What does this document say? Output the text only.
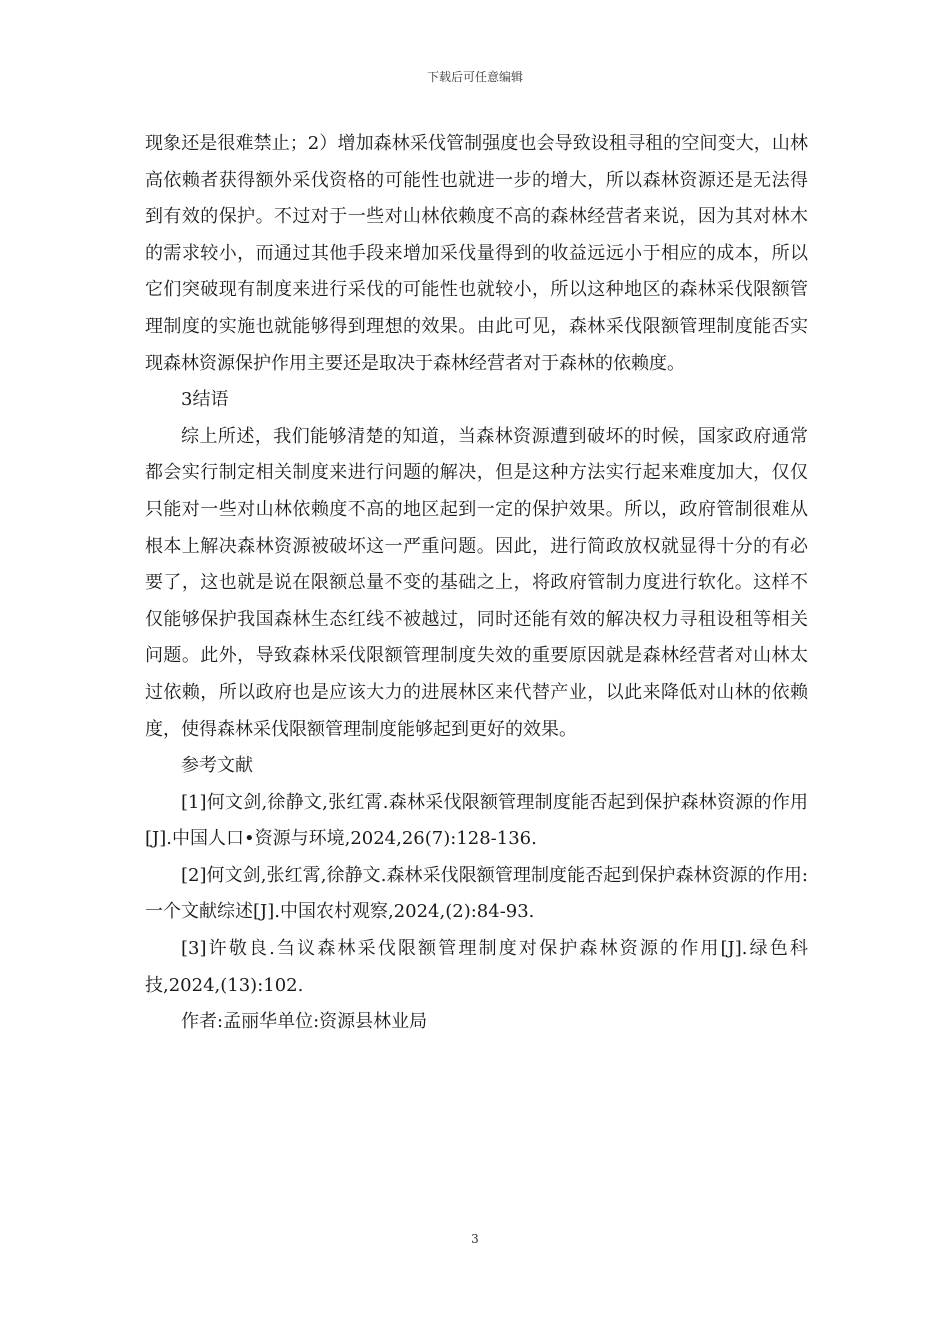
下载后可任意编辑

现象还是很难禁止；2）增加森林采伐管制强度也会导致设租寻租的空间变大，山林高依赖者获得额外采伐资格的可能性也就进一步的增大，所以森林资源还是无法得到有效的保护。不过对于一些对山林依赖度不高的森林经营者来说，因为其对林木的需求较小，而通过其他手段来增加采伐量得到的收益远远小于相应的成本，所以它们突破现有制度来进行采伐的可能性也就较小，所以这种地区的森林采伐限额管理制度的实施也就能够得到理想的效果。由此可见，森林采伐限额管理制度能否实现森林资源保护作用主要还是取决于森林经营者对于森林的依赖度。

3结语

综上所述，我们能够清楚的知道，当森林资源遭到破坏的时候，国家政府通常都会实行制定相关制度来进行问题的解决，但是这种方法实行起来难度加大，仅仅只能对一些对山林依赖度不高的地区起到一定的保护效果。所以，政府管制很难从根本上解决森林资源被破坏这一严重问题。因此，进行简政放权就显得十分的有必要了，这也就是说在限额总量不变的基础之上，将政府管制力度进行软化。这样不仅能够保护我国森林生态红线不被越过，同时还能有效的解决权力寻租设租等相关问题。此外，导致森林采伐限额管理制度失效的重要原因就是森林经营者对山林太过依赖，所以政府也是应该大力的进展林区来代替产业，以此来降低对山林的依赖度，使得森林采伐限额管理制度能够起到更好的效果。

参考文献

[1]何文剑,徐静文,张红霄.森林采伐限额管理制度能否起到保护森林资源的作用[J].中国人口•资源与环境,2024,26(7):128-136.

[2]何文剑,张红霄,徐静文.森林采伐限额管理制度能否起到保护森林资源的作用:一个文献综述[J].中国农村观察,2024,(2):84-93.

[3]许敬良.刍议森林采伐限额管理制度对保护森林资源的作用[J].绿色科技,2024,(13):102.

作者:孟丽华单位:资源县林业局

3
